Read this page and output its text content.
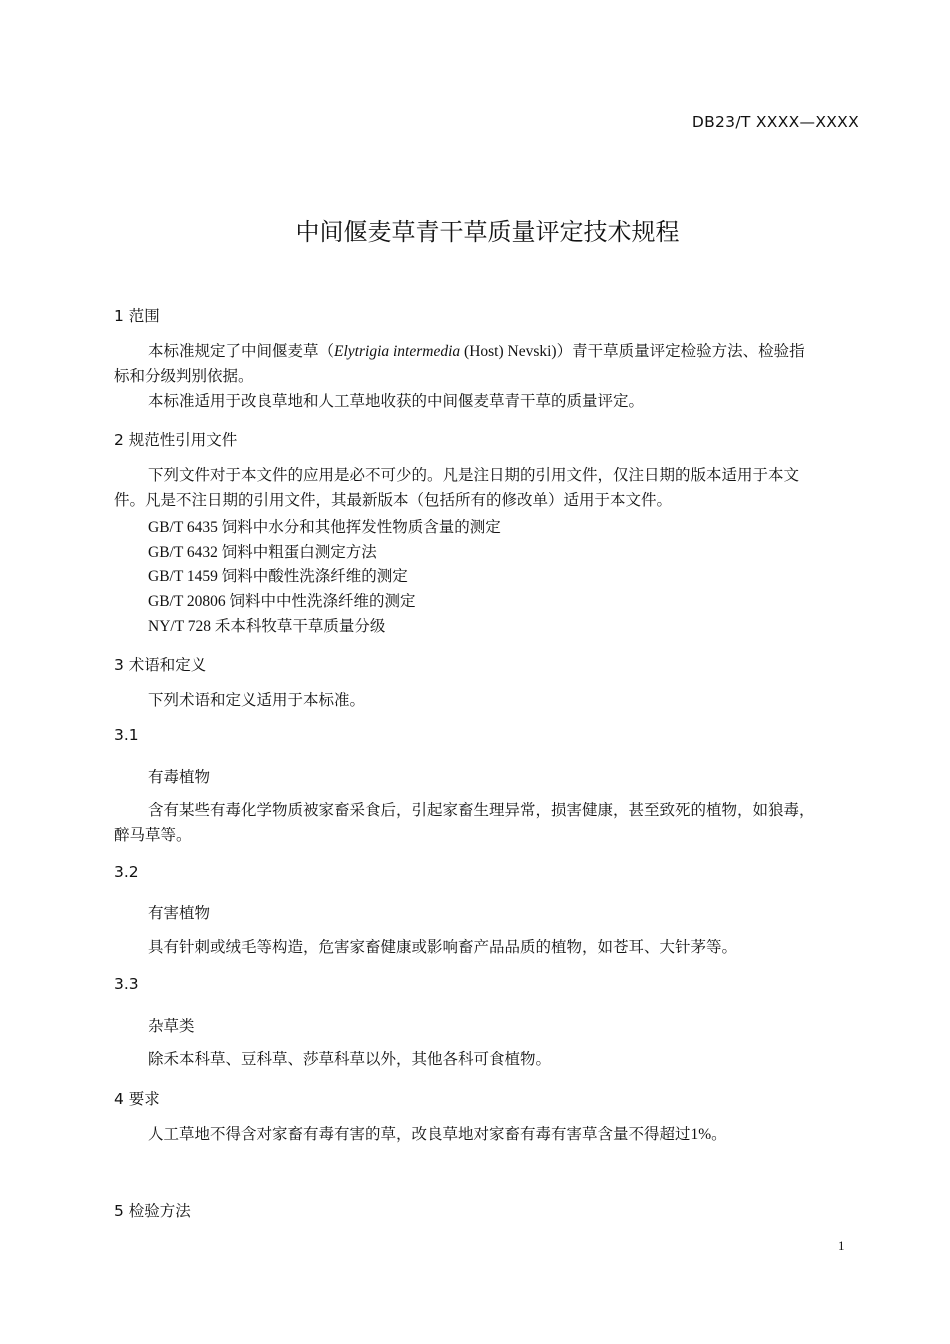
DB23/T XXXX—XXXX
中间偃麦草青干草质量评定技术规程
1 范围
本标准规定了中间偃麦草（Elytrigia intermedia (Host) Nevski)）青干草质量评定检验方法、检验指
标和分级判别依据。
本标准适用于改良草地和人工草地收获的中间偃麦草青干草的质量评定。
2 规范性引用文件
下列文件对于本文件的应用是必不可少的。凡是注日期的引用文件，仅注日期的版本适用于本文
件。凡是不注日期的引用文件，其最新版本（包括所有的修改单）适用于本文件。
GB/T 6435 饲料中水分和其他挥发性物质含量的测定
GB/T 6432 饲料中粗蛋白测定方法
GB/T 1459 饲料中酸性洗涤纤维的测定
GB/T 20806 饲料中中性洗涤纤维的测定
NY/T 728 禾本科牧草干草质量分级
3 术语和定义
下列术语和定义适用于本标准。
3.1
有毒植物
含有某些有毒化学物质被家畜采食后，引起家畜生理异常，损害健康，甚至致死的植物，如狼毒，
醉马草等。
3.2
有害植物
具有针刺或绒毛等构造，危害家畜健康或影响畜产品品质的植物，如苍耳、大针茅等。
3.3
杂草类
除禾本科草、豆科草、莎草科草以外，其他各科可食植物。
4 要求
人工草地不得含对家畜有毒有害的草，改良草地对家畜有毒有害草含量不得超过1%。
5 检验方法
1
